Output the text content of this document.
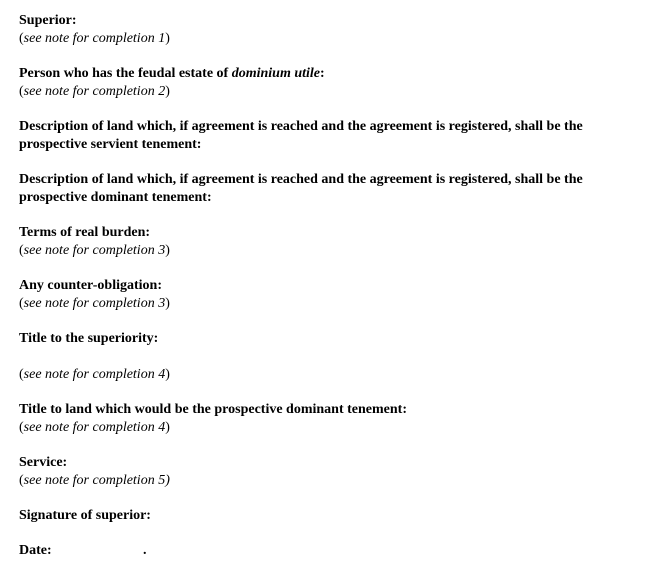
Superior:
(see note for completion 1)
Person who has the feudal estate of dominium utile:
(see note for completion 2)
Description of land which, if agreement is reached and the agreement is registered, shall be the prospective servient tenement:
Description of land which, if agreement is reached and the agreement is registered, shall be the prospective dominant tenement:
Terms of real burden:
(see note for completion 3)
Any counter-obligation:
(see note for completion 3)
Title to the superiority:
(see note for completion 4)
Title to land which would be the prospective dominant tenement:
(see note for completion 4)
Service:
(see note for completion 5)
Signature of superior:
Date:	.
